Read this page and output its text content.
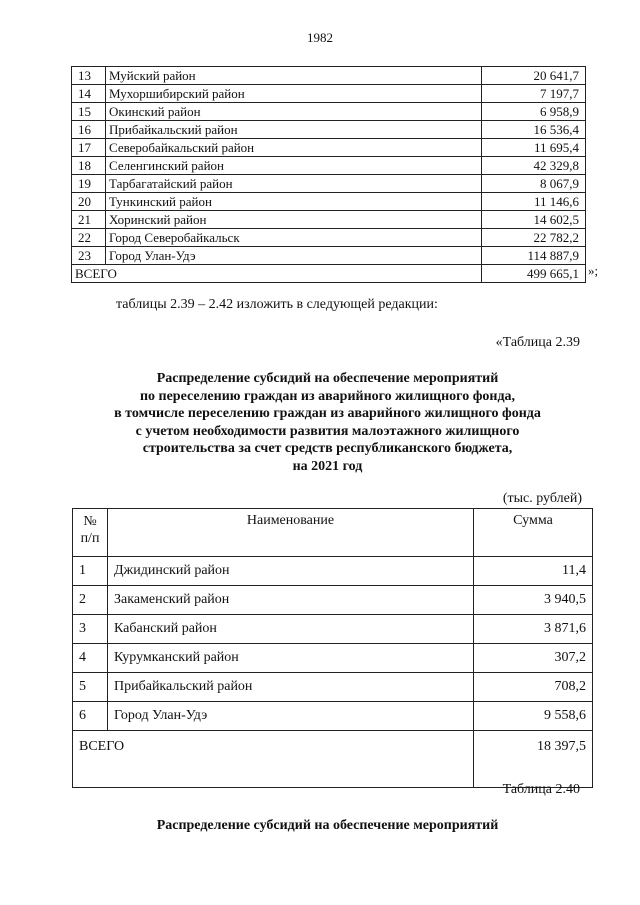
1982
13	Муйский район	20 641,7
14	Мухоршибирский район	7 197,7
15	Окинский район	6 958,9
16	Прибайкальский район	16 536,4
17	Северобайкальский район	11 695,4
18	Селенгинский район	42 329,8
19	Тарбагатайский район	8 067,9
20	Тункинский район	11 146,6
21	Хоринский район	14 602,5
22	Город Северобайкальск	22 782,2
23	Город Улан-Удэ	114 887,9
ВСЕГО		499 665,1 »;
таблицы 2.39 – 2.42 изложить в следующей редакции:
«Таблица 2.39
Распределение субсидий на обеспечение мероприятий
по переселению граждан из аварийного жилищного фонда,
в томчисле переселению граждан из аварийного жилищного фонда
с учетом необходимости развития малоэтажного жилищного
строительства за счет средств республиканского бюджета,
на 2021 год
(тыс. рублей)
№
п/п	Наименование	Сумма
1	Джидинский район	11,4
2	Закаменский район	3 940,5
3	Кабанский район	3 871,6
4	Курумканский район	307,2
5	Прибайкальский район	708,2
6	Город Улан-Удэ	9 558,6
ВСЕГО		18 397,5
Таблица 2.40
Распределение субсидий на обеспечение мероприятий
